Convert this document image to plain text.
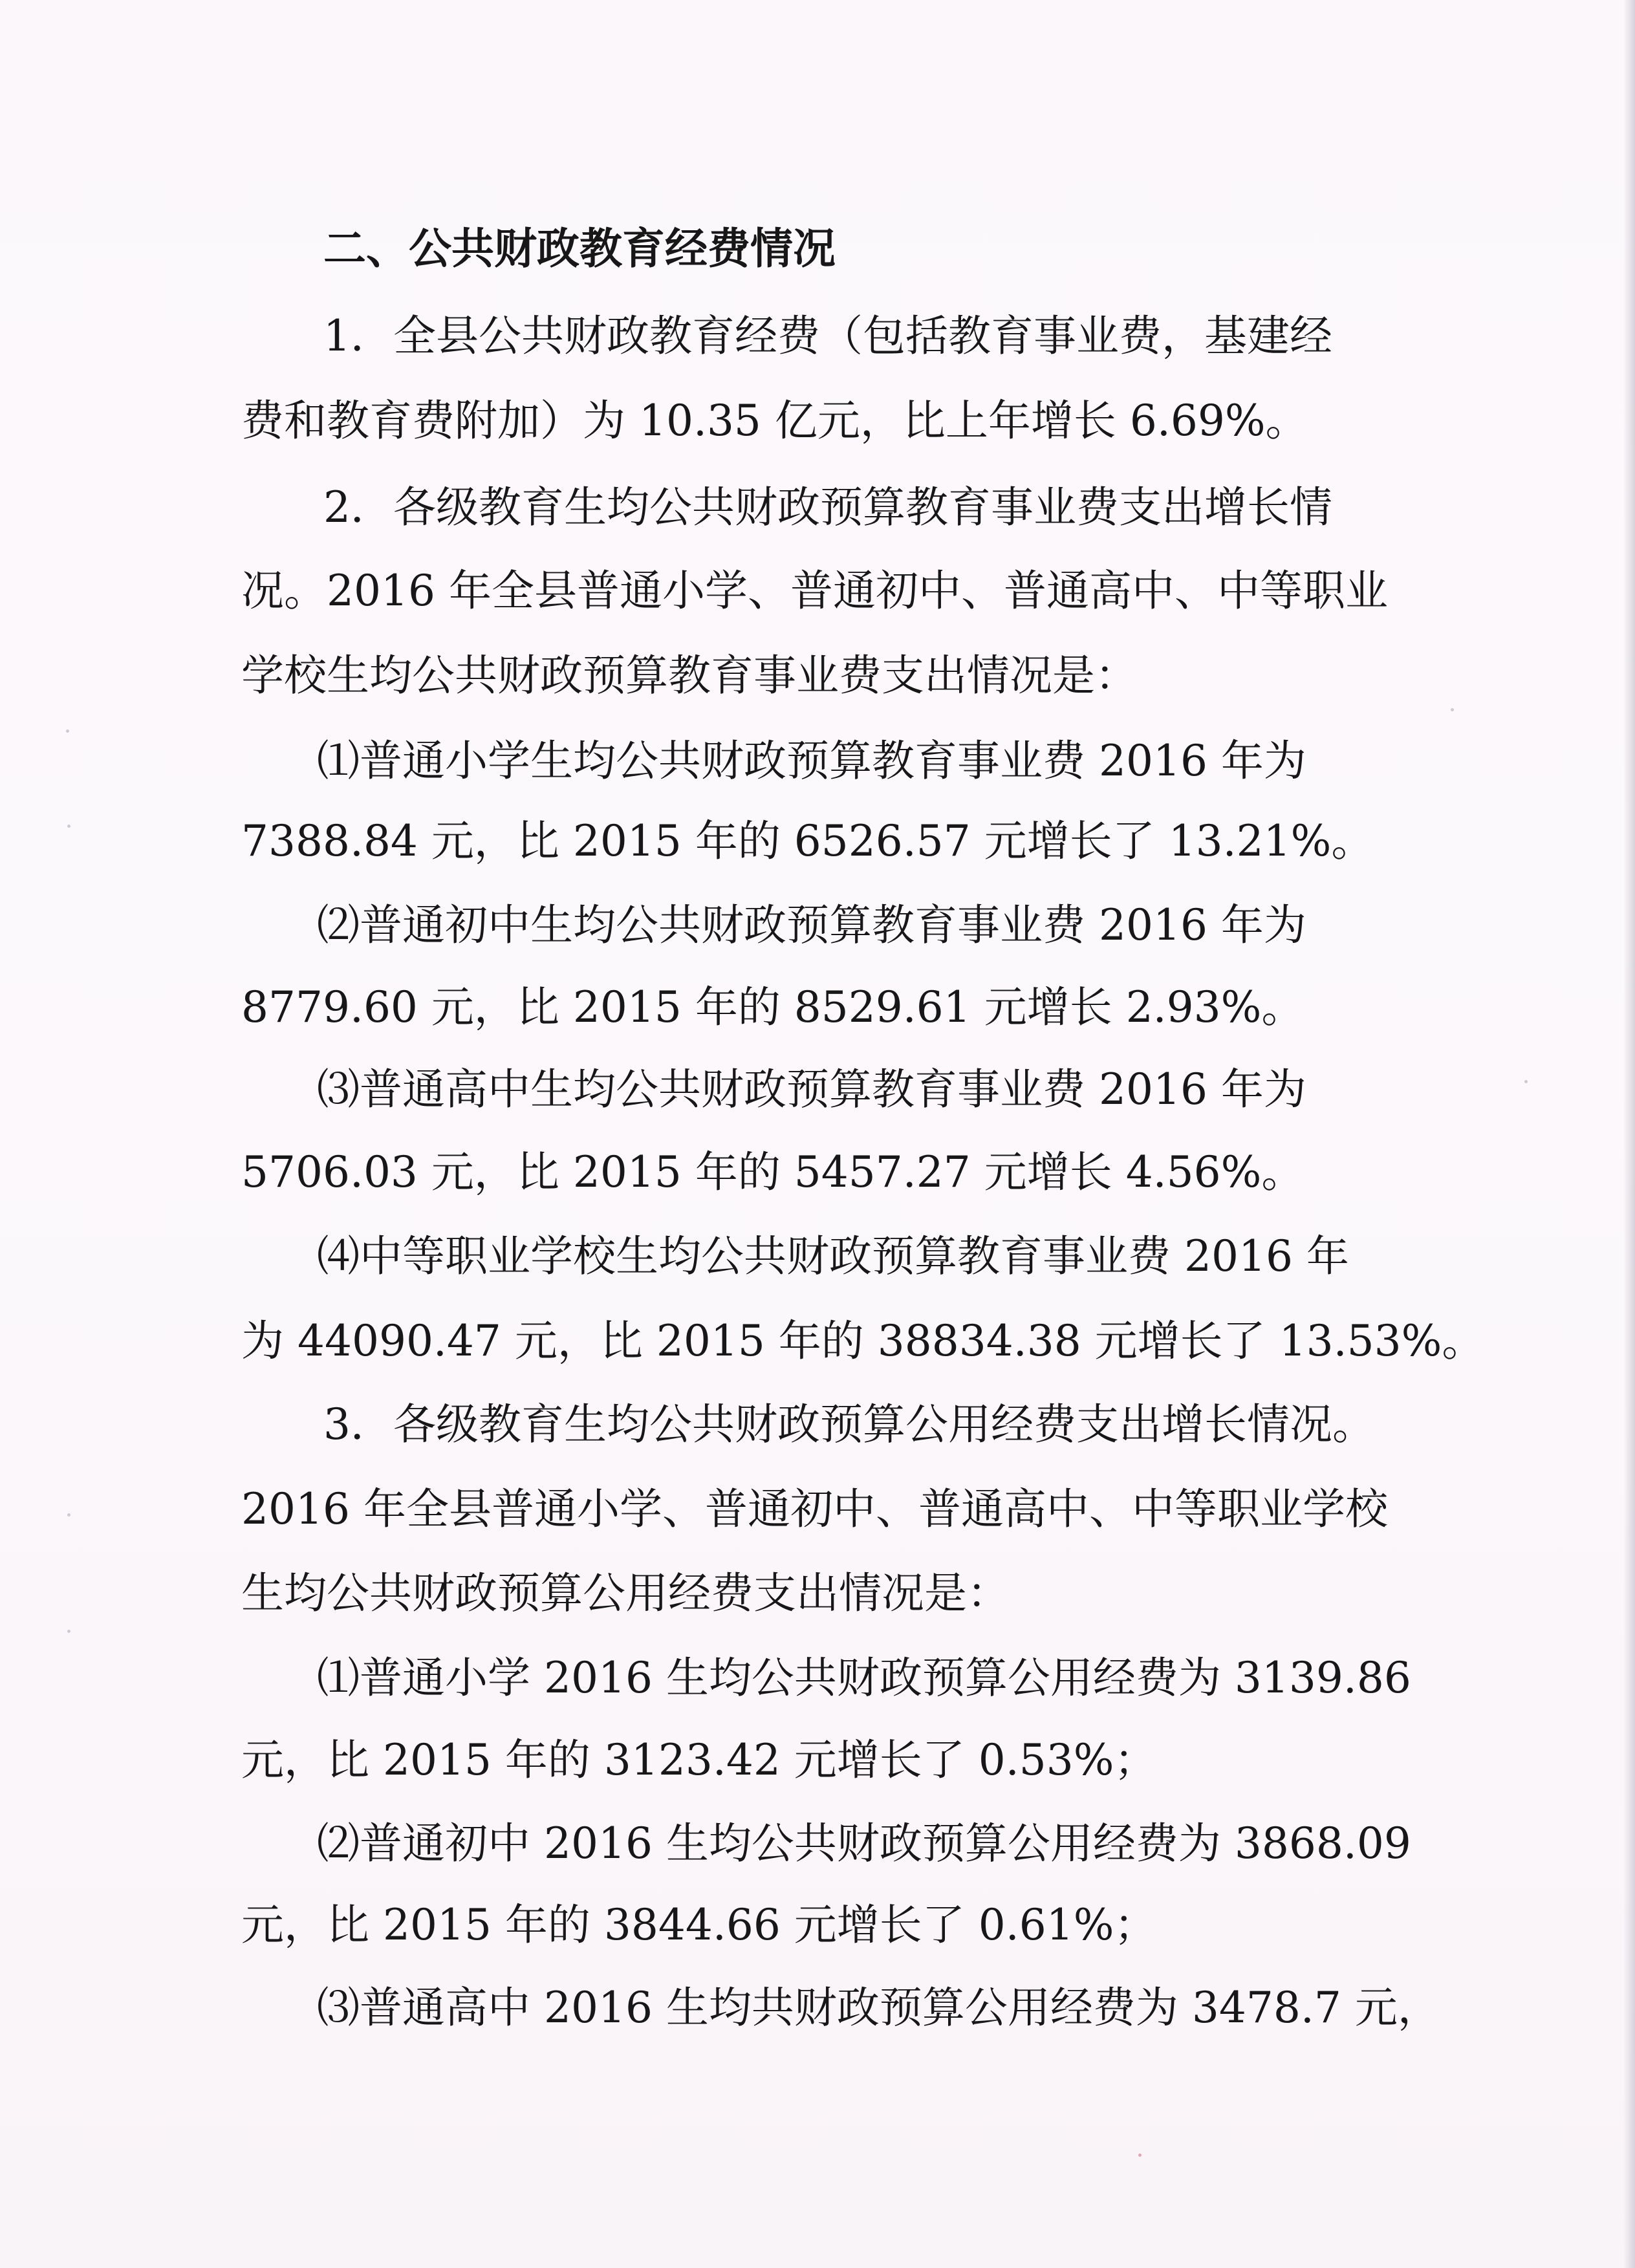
二、公共财政教育经费情况

1．全县公共财政教育经费（包括教育事业费，基建经

费和教育费附加）为 10.35 亿元，比上年增长 6.69%。

2．各级教育生均公共财政预算教育事业费支出增长情

况。2016 年全县普通小学、普通初中、普通高中、中等职业

学校生均公共财政预算教育事业费支出情况是：

⑴普通小学生均公共财政预算教育事业费 2016 年为

7388.84 元，比 2015 年的 6526.57 元增长了 13.21%。

⑵普通初中生均公共财政预算教育事业费 2016 年为

8779.60 元，比 2015 年的 8529.61 元增长 2.93%。

⑶普通高中生均公共财政预算教育事业费 2016 年为

5706.03 元，比 2015 年的 5457.27 元增长 4.56%。

⑷中等职业学校生均公共财政预算教育事业费 2016 年

为 44090.47 元，比 2015 年的 38834.38 元增长了 13.53%。

3．各级教育生均公共财政预算公用经费支出增长情况。

2016 年全县普通小学、普通初中、普通高中、中等职业学校

生均公共财政预算公用经费支出情况是：

⑴普通小学 2016 生均公共财政预算公用经费为 3139.86

元，比 2015 年的 3123.42 元增长了 0.53%；

⑵普通初中 2016 生均公共财政预算公用经费为 3868.09

元，比 2015 年的 3844.66 元增长了 0.61%；

⑶普通高中 2016 生均共财政预算公用经费为 3478.7 元，
